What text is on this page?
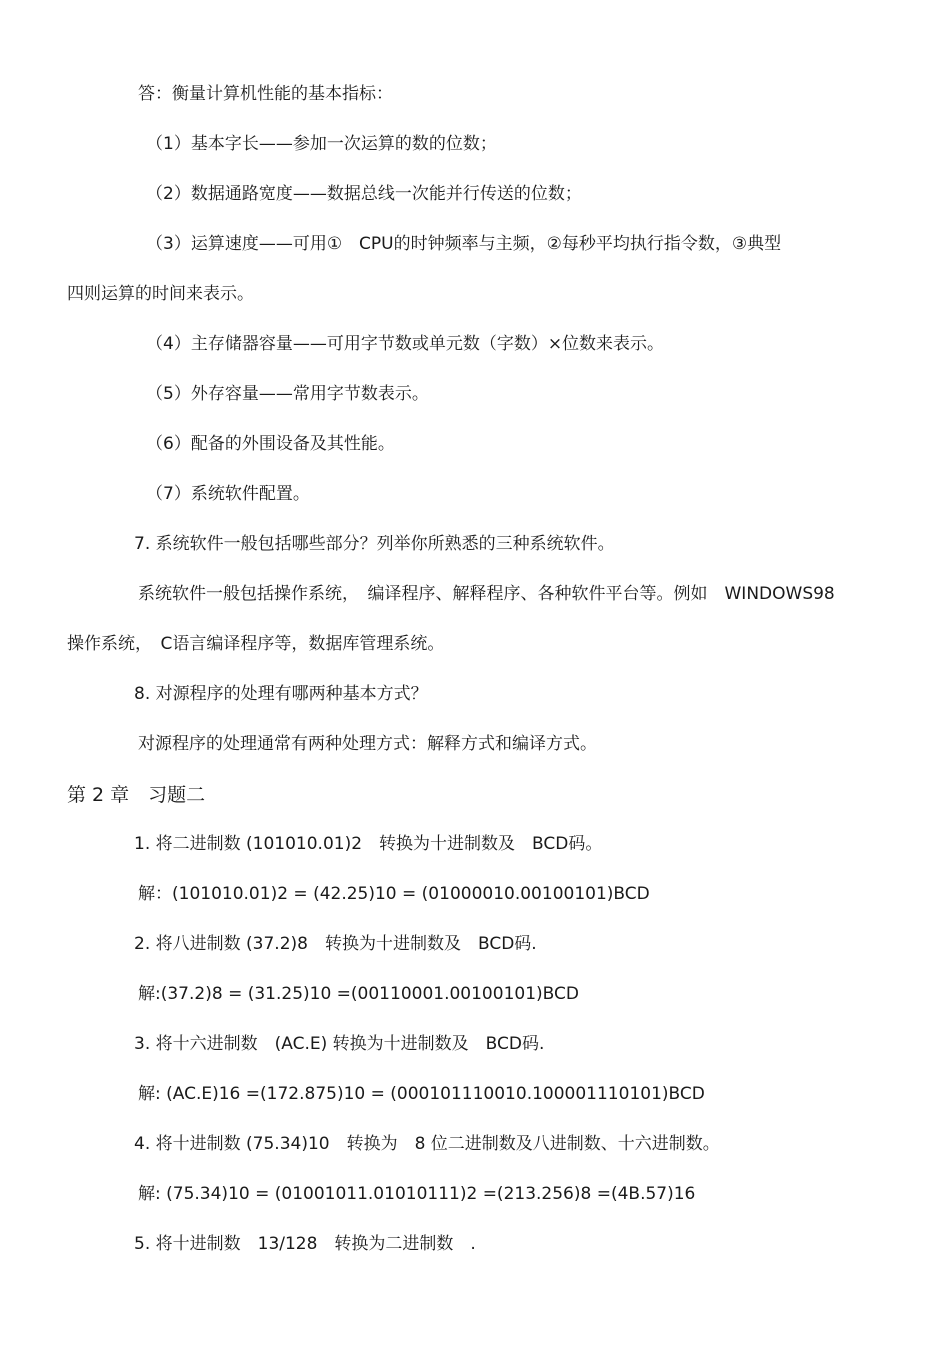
答：衡量计算机性能的基本指标：
（1）基本字长——参加一次运算的数的位数；
（2）数据通路宽度——数据总线一次能并行传送的位数；
（3）运算速度——可用①　CPU的时钟频率与主频，②每秒平均执行指令数，③典型
四则运算的时间来表示。
（4）主存储器容量——可用字节数或单元数（字数）×位数来表示。
（5）外存容量——常用字节数表示。
（6）配备的外围设备及其性能。
（7）系统软件配置。
7. 系统软件一般包括哪些部分？列举你所熟悉的三种系统软件。
系统软件一般包括操作系统，　编译程序、解释程序、各种软件平台等。例如　WINDOWS98
操作系统，　C语言编译程序等，数据库管理系统。
8. 对源程序的处理有哪两种基本方式？
对源程序的处理通常有两种处理方式：解释方式和编译方式。
第 2 章　习题二
1. 将二进制数 (101010.01)2　转换为十进制数及　BCD码。
解：(101010.01)2 = (42.25)10 = (01000010.00100101)BCD
2. 将八进制数 (37.2)8　转换为十进制数及　BCD码.
解:(37.2)8 = (31.25)10 =(00110001.00100101)BCD
3. 将十六进制数　(AC.E) 转换为十进制数及　BCD码.
解: (AC.E)16 =(172.875)10 = (000101110010.100001110101)BCD
4. 将十进制数 (75.34)10　转换为　8 位二进制数及八进制数、十六进制数。
解: (75.34)10 = (01001011.01010111)2 =(213.256)8 =(4B.57)16
5. 将十进制数　13/128　转换为二进制数　.
